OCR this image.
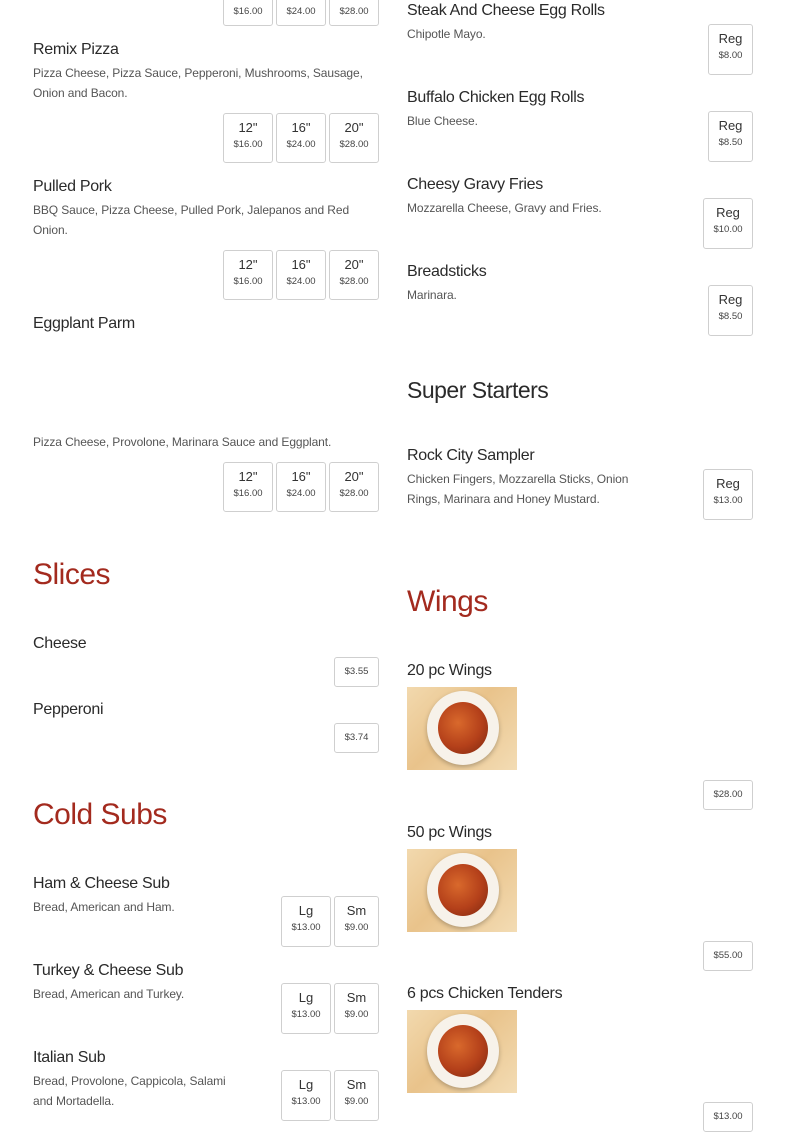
$16.00	$24.00	$28.00
Remix Pizza
Pizza Cheese, Pizza Sauce, Pepperoni, Mushrooms, Sausage, Onion and Bacon.
12"
$16.00
16"
$24.00
20"
$28.00
Pulled Pork
BBQ Sauce, Pizza Cheese, Pulled Pork, Jalepanos and Red Onion.
12"
$16.00
16"
$24.00
20"
$28.00
Eggplant Parm
Pizza Cheese, Provolone, Marinara Sauce and Eggplant.
12"
$16.00
16"
$24.00
20"
$28.00
Slices
Cheese
$3.55
Pepperoni
$3.74
Cold Subs
Ham & Cheese Sub
Bread, American and Ham.	Lg
$13.00
Sm
$9.00
Turkey & Cheese Sub
Bread, American and Turkey.	Lg
$13.00
Sm
$9.00
Italian Sub
Bread, Provolone, Cappicola, Salami and Mortadella.
Lg
$13.00
Sm
$9.00
Steak And Cheese Egg Rolls
Chipotle Mayo.	Reg
$8.00
Buffalo Chicken Egg Rolls
Blue Cheese.	Reg
$8.50
Cheesy Gravy Fries
Mozzarella Cheese, Gravy and Fries.	Reg
$10.00
Breadsticks
Marinara.	Reg
$8.50
Super Starters
Rock City Sampler
Chicken Fingers, Mozzarella Sticks, Onion Rings, Marinara and Honey Mustard.
Reg
$13.00
Wings
20 pc Wings
$28.00
50 pc Wings
$55.00
6 pcs Chicken Tenders
$13.00
